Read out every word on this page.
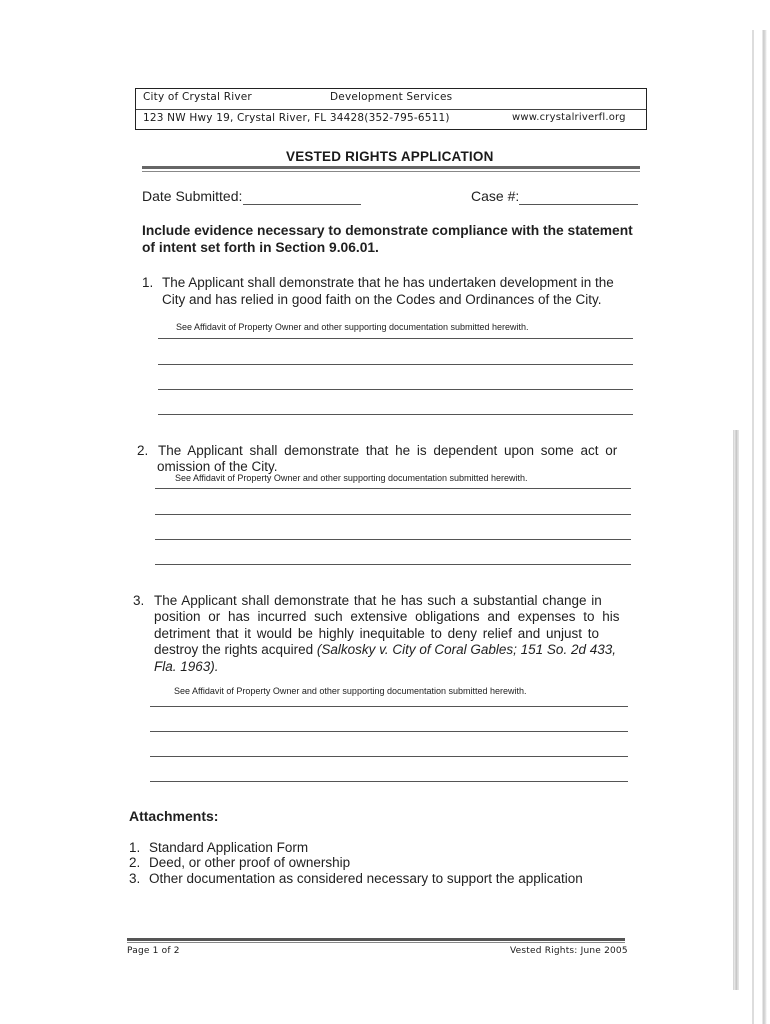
City of Crystal River	Development Services
123 NW Hwy 19, Crystal River, FL 34428(352-795-6511)	www.crystalriverfl.org
VESTED RIGHTS APPLICATION
Date Submitted:	Case #:
Include evidence necessary to demonstrate compliance with the statement of intent set forth in Section 9.06.01.
1. The Applicant shall demonstrate that he has undertaken development in the
City and has relied in good faith on the Codes and Ordinances of the City.
See Affidavit of Property Owner and other supporting documentation submitted herewith.
2. The Applicant shall demonstrate that he is dependent upon some act or
omission of the City.
See Affidavit of Property Owner and other supporting documentation submitted herewith.
3. The Applicant shall demonstrate that he has such a substantial change in
position or has incurred such extensive obligations and expenses to his
detriment that it would be highly inequitable to deny relief and unjust to
destroy the rights acquired (Salkosky v. City of Coral Gables; 151 So. 2d 433,
Fla. 1963).
See Affidavit of Property Owner and other supporting documentation submitted herewith.
Attachments:
1. Standard Application Form
2. Deed, or other proof of ownership
3. Other documentation as considered necessary to support the application
Page 1 of 2	Vested Rights: June 2005
